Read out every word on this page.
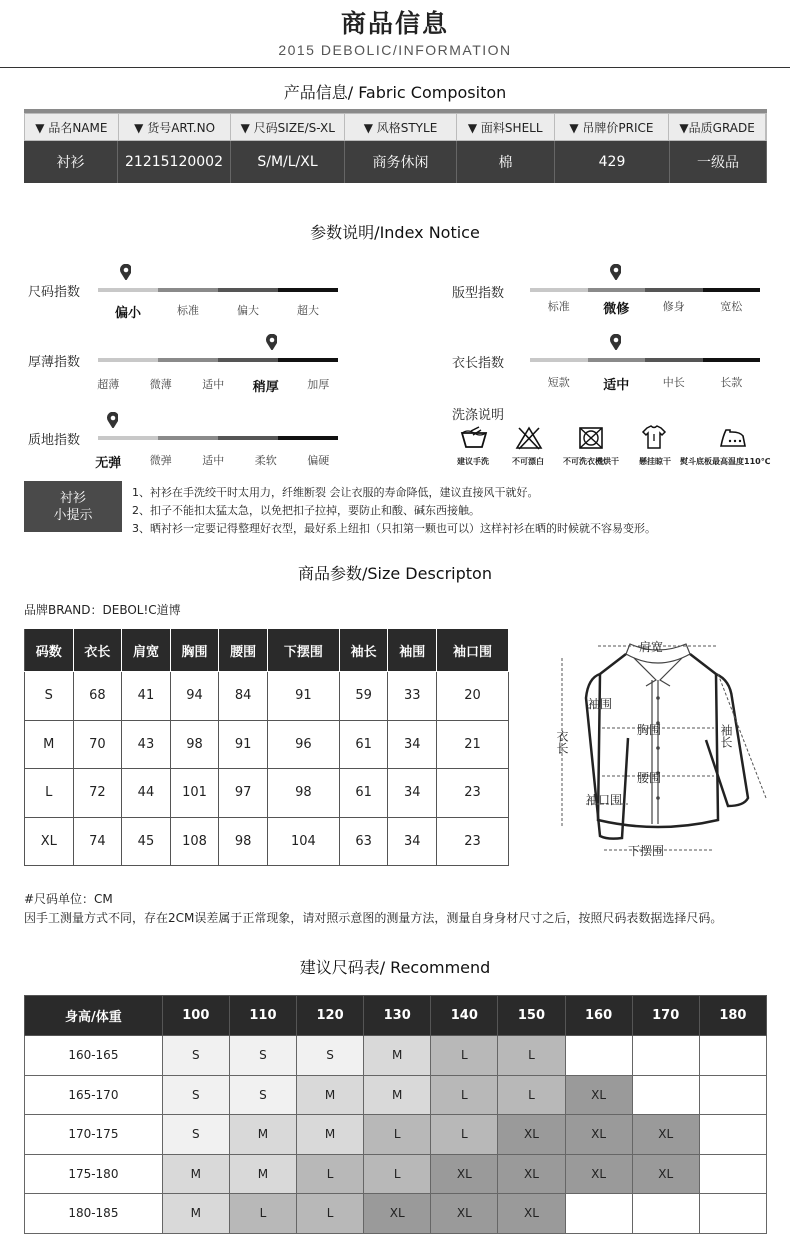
商品信息
2015 DEBOLIC/INFORMATION
产品信息/ Fabric Compositon
▼ 品名NAME	▼ 货号ART.NO	▼ 尺码SIZE/S-XL	▼ 风格STYLE	▼ 面料SHELL	▼ 吊牌价PRICE	▼品质GRADE
衬衫	21215120002	S/M/L/XL	商务休闲	棉	429	一级品
参数说明/Index Notice
尺码指数
厚薄指数
质地指数
版型指数
衣长指数
洗涤说明
偏小	标准	偏大	超大
超薄	微薄	适中	稍厚	加厚
无弹	微弹	适中	柔软	偏硬
标准	微修	修身	宽松
短款	适中	中长	长款
建议手洗	不可漂白	不可洗衣機烘干	懸挂晾干	熨斗底板最高温度110℃
衬衫
小提示
1、衬衫在手洗绞干时太用力，纤维断裂 会让衣服的寿命降低，建议直接风干就好。
2、扣子不能扣太猛太急，以免把扣子拉掉，要防止和酸、碱东西接触。
3、晒衬衫一定要记得整理好衣型，最好系上纽扣（只扣第一颗也可以）这样衬衫在晒的时候就不容易变形。
商品参数/Size Descripton
品牌BRAND：DEBOL!C道博
码数	衣长	肩宽	胸围	腰围	下摆围	袖长	袖围	袖口围
S	68	41	94	84	91	59	33	20
M	70	43	98	91	96	61	34	21
L	72	44	101	97	98	61	34	23
XL	74	45	108	98	104	63	34	23
肩宽
袖围
胸围
腰围
袖口围
下摆围
衣长	袖长
#尺码单位：CM
因手工测量方式不同，存在2CM误差属于正常现象，请对照示意图的测量方法，测量自身身材尺寸之后，按照尺码表数据选择尺码。
建议尺码表/ Recommend
身高/体重	100	110	120	130	140	150	160	170	180
160-165	S	S	S	M	L	L			
165-170	S	S	M	M	L	L	XL		
170-175	S	M	M	L	L	XL	XL	XL	
175-180	M	M	L	L	XL	XL	XL	XL	
180-185	M	L	L	XL	XL	XL			
